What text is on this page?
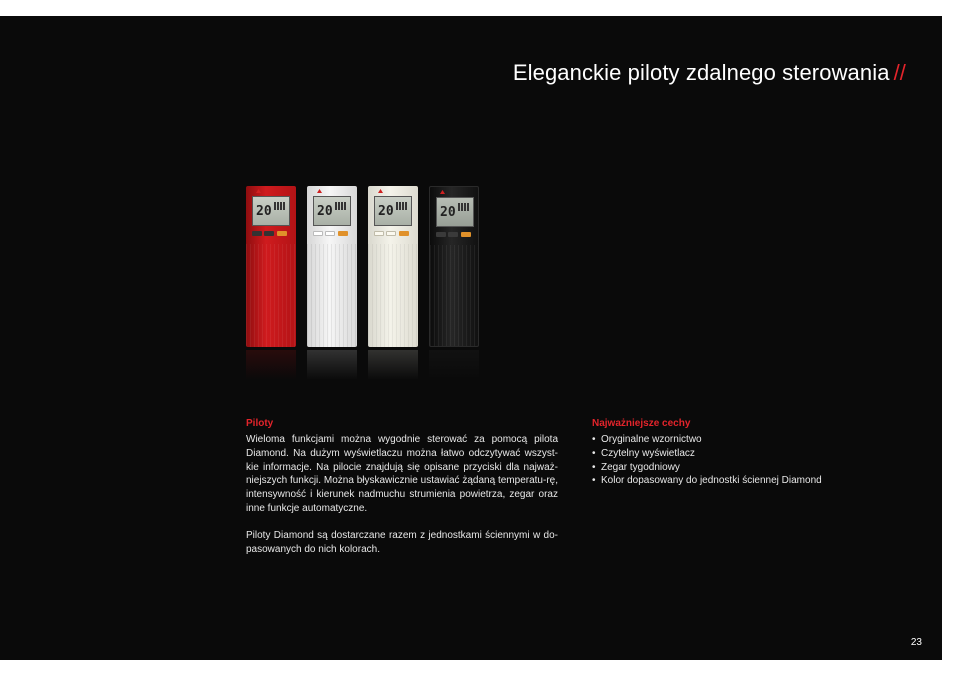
Eleganckie piloty zdalnego sterowania //
20	20	20	20

Piloty

Wieloma funkcjami można wygodnie sterować za pomocą pilota Diamond. Na dużym wyświetlaczu można łatwo odczytywać wszyst-kie informacje. Na pilocie znajdują się opisane przyciski dla najważ-niejszych funkcji. Można błyskawicznie ustawiać żądaną temperatu-rę, intensywność i kierunek nadmuchu strumienia powietrza, zegar oraz inne funkcje automatyczne.

Piloty Diamond są dostarczane razem z jednostkami ściennymi w do-pasowanych do nich kolorach.

Najważniejsze cechy

• Oryginalne wzornictwo
• Czytelny wyświetlacz
• Zegar tygodniowy
• Kolor dopasowany do jednostki ściennej Diamond
23
